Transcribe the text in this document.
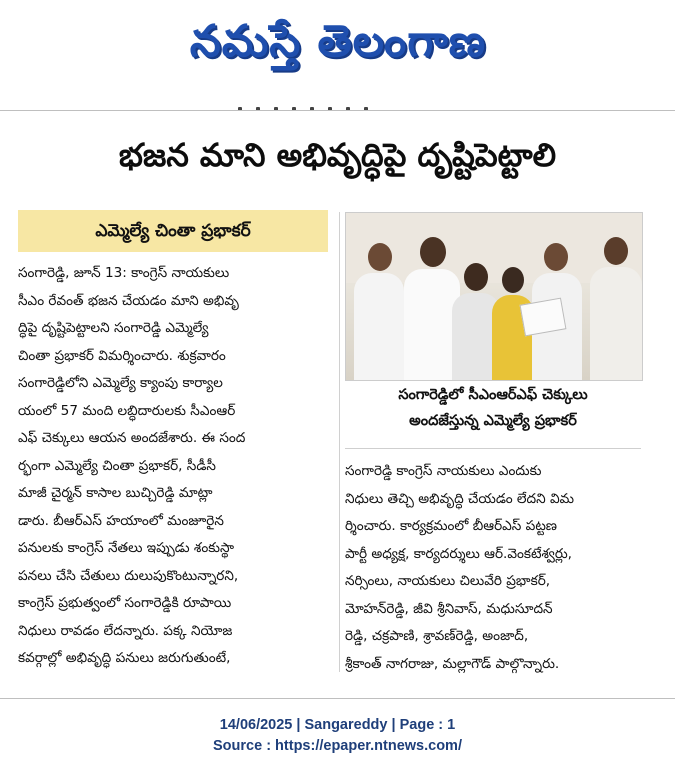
నమస్తే తెలంగాణ
భజన మాని అభివృద్ధిపై దృష్టిపెట్టాలి
ఎమ్మెల్యే చింతా ప్రభాకర్
సంగారెడ్డి, జూన్ 13: కాంగ్రెస్ నాయకులు
సీఎం రేవంత్ భజన చేయడం మాని అభివృ
ద్ధిపై దృష్టిపెట్టాలని సంగారెడ్డి ఎమ్మెల్యే
చింతా ప్రభాకర్ విమర్శించారు. శుక్రవారం
సంగారెడ్డిలోని ఎమ్మెల్యే క్యాంపు కార్యాల
యంలో 57 మంది లబ్ధిదారులకు సీఎంఆర్
ఎఫ్ చెక్కులు ఆయన అందజేశారు. ఈ సంద
ర్భంగా ఎమ్మెల్యే చింతా ప్రభాకర్, సీడీసీ
మాజీ చైర్మన్ కాసాల బుచ్చిరెడ్డి మాట్లా
డారు. బీఆర్ఎస్ హయాంలో మంజూరైన
పనులకు కాంగ్రెస్ నేతలు ఇప్పుడు శంకుస్థా
పనలు చేసి చేతులు దులుపుకొంటున్నారని,
కాంగ్రెస్ ప్రభుత్వంలో సంగారెడ్డికి రూపాయి
నిధులు రావడం లేదన్నారు. పక్క నియోజ
కవర్గాల్లో అభివృద్ధి పనులు జరుగుతుంటే,
సంగారెడ్డిలో సీఎంఆర్ఎఫ్ చెక్కులు
అందజేస్తున్న ఎమ్మెల్యే ప్రభాకర్
సంగారెడ్డి కాంగ్రెస్ నాయకులు ఎందుకు
నిధులు తెచ్చి అభివృద్ధి చేయడం లేదని విమ
ర్శించారు. కార్యక్రమంలో బీఆర్ఎస్ పట్టణ
పార్టీ అధ్యక్ష, కార్యదర్శులు ఆర్.వెంకటేశ్వర్లు,
నర్సింలు, నాయకులు చిలువేరి ప్రభాకర్,
మోహన్‌రెడ్డి, జీవి శ్రీనివాస్, మధుసూదన్
రెడ్డి, చక్రపాణి, శ్రావణ్‌రెడ్డి, అంజాద్,
శ్రీకాంత్ నాగరాజు, మల్లాగౌడ్ పాల్గొన్నారు.
14/06/2025 | Sangareddy | Page : 1
Source : https://epaper.ntnews.com/
